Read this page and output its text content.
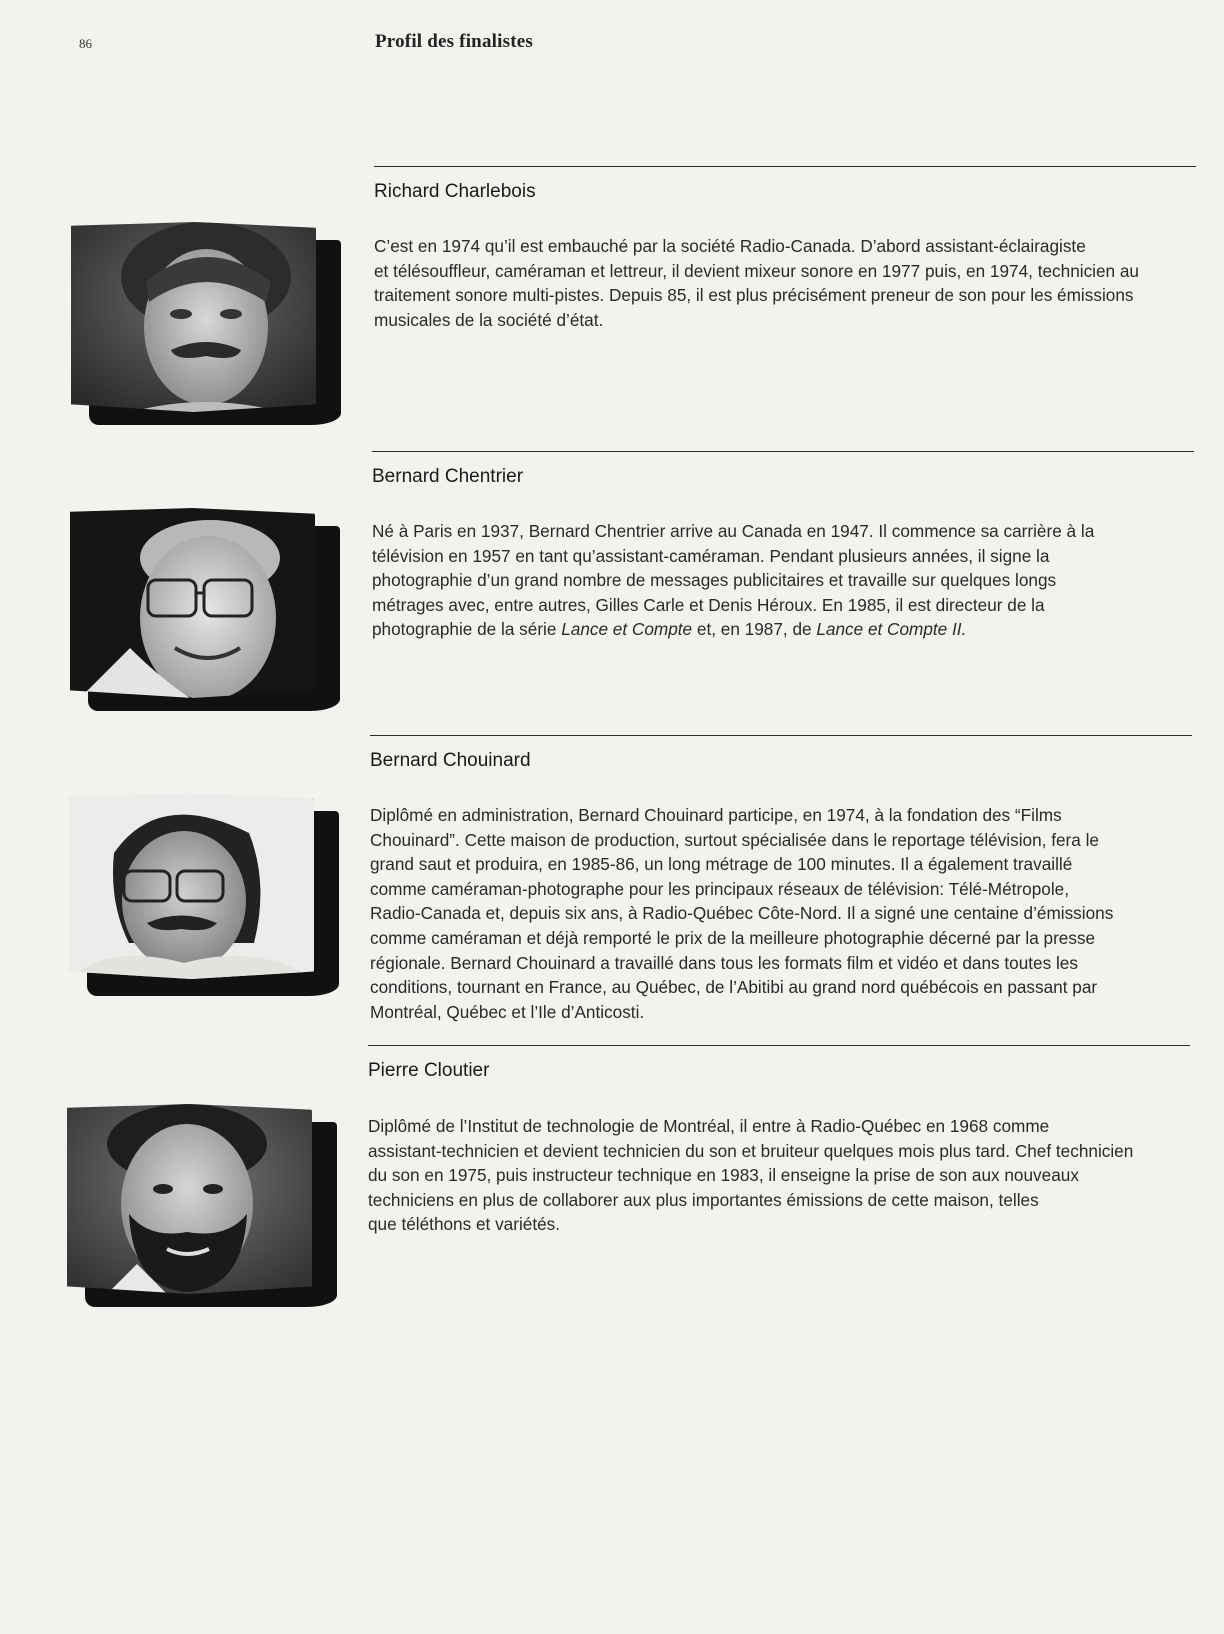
86	Profil des finalistes
Richard Charlebois
C’est en 1974 qu’il est embauché par la société Radio-Canada. D’abord assistant-éclairagiste
et télésouffleur, caméraman et lettreur, il devient mixeur sonore en 1977 puis, en 1974, technicien au
traitement sonore multi-pistes. Depuis 85, il est plus précisément preneur de son pour les émissions
musicales de la société d’état.
Bernard Chentrier
Né à Paris en 1937, Bernard Chentrier arrive au Canada en 1947. Il commence sa carrière à la
télévision en 1957 en tant qu’assistant-caméraman. Pendant plusieurs années, il signe la
photographie d’un grand nombre de messages publicitaires et travaille sur quelques longs
métrages avec, entre autres, Gilles Carle et Denis Héroux. En 1985, il est directeur de la
photographie de la série Lance et Compte et, en 1987, de Lance et Compte II.
Bernard Chouinard
Diplômé en administration, Bernard Chouinard participe, en 1974, à la fondation des “Films
Chouinard”. Cette maison de production, surtout spécialisée dans le reportage télévision, fera le
grand saut et produira, en 1985-86, un long métrage de 100 minutes. Il a également travaillé
comme caméraman-photographe pour les principaux réseaux de télévision: Télé-Métropole,
Radio-Canada et, depuis six ans, à Radio-Québec Côte-Nord. Il a signé une centaine d’émissions
comme caméraman et déjà remporté le prix de la meilleure photographie décerné par la presse
régionale. Bernard Chouinard a travaillé dans tous les formats film et vidéo et dans toutes les
conditions, tournant en France, au Québec, de l’Abitibi au grand nord québécois en passant par
Montréal, Québec et l’Ile d’Anticosti.
Pierre Cloutier
Diplômé de l’Institut de technologie de Montréal, il entre à Radio-Québec en 1968 comme
assistant-technicien et devient technicien du son et bruiteur quelques mois plus tard. Chef technicien
du son en 1975, puis instructeur technique en 1983, il enseigne la prise de son aux nouveaux
techniciens en plus de collaborer aux plus importantes émissions de cette maison, telles
que téléthons et variétés.
